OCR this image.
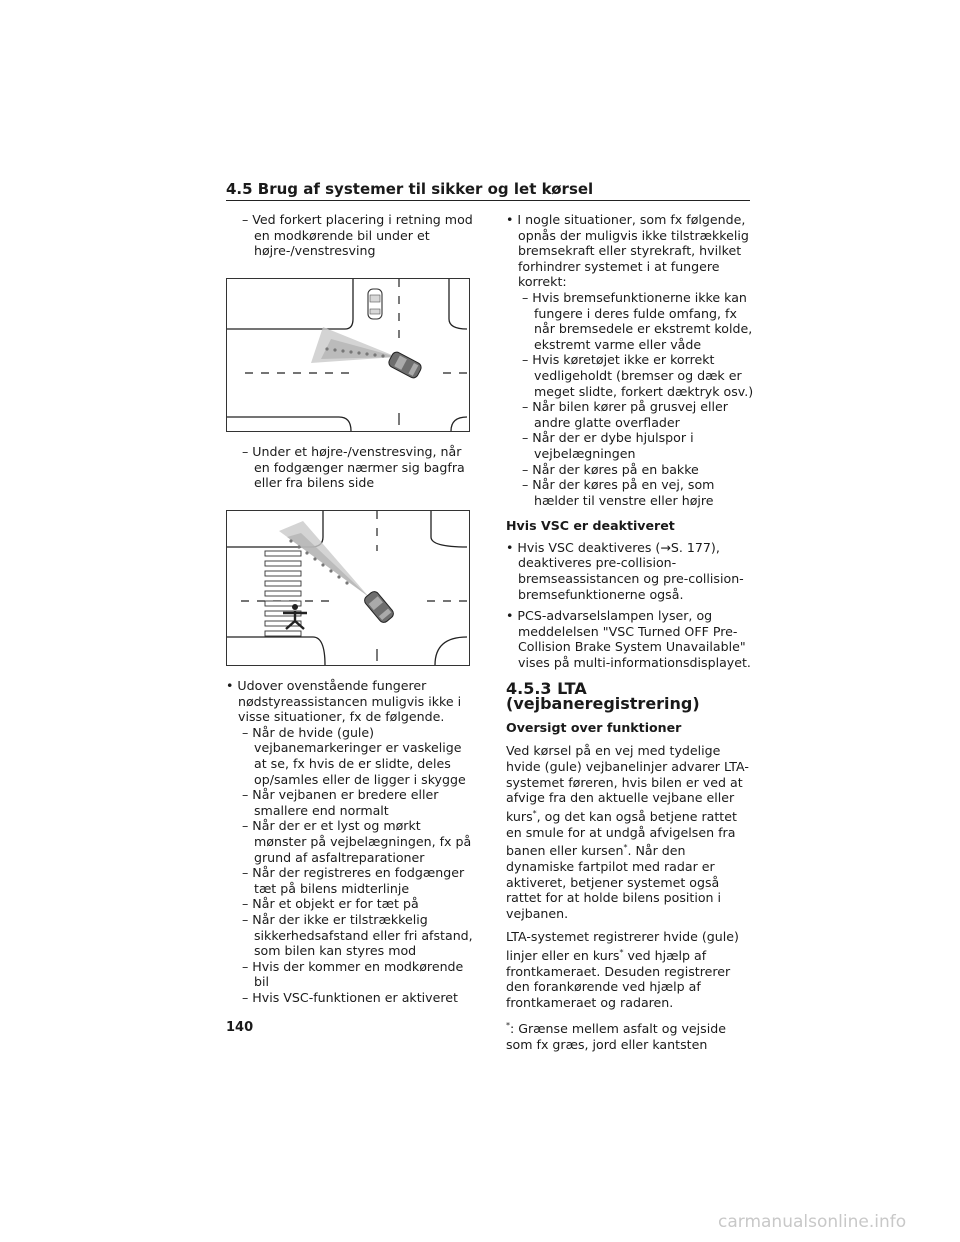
4.5 Brug af systemer til sikker og let kørsel

– Ved forkert placering i retning mod en modkørende bil under et højre-/venstresving

– Under et højre-/venstresving, når en fodgænger nærmer sig bagfra eller fra bilens side

• Udover ovenstående fungerer nødstyreassistancen muligvis ikke i visse situationer, fx de følgende.

– Når de hvide (gule) vejbanemarkeringer er vaskelige at se, fx hvis de er slidte, deles op/samles eller de ligger i skygge

– Når vejbanen er bredere eller smallere end normalt

– Når der er et lyst og mørkt mønster på vejbelægningen, fx på grund af asfaltreparationer

– Når der registreres en fodgænger tæt på bilens midterlinje

– Når et objekt er for tæt på

– Når der ikke er tilstrækkelig sikkerhedsafstand eller fri afstand, som bilen kan styres mod

– Hvis der kommer en modkørende bil

– Hvis VSC-funktionen er aktiveret

• I nogle situationer, som fx følgende, opnås der muligvis ikke tilstrækkelig bremsekraft eller styrekraft, hvilket forhindrer systemet i at fungere korrekt:

– Hvis bremsefunktionerne ikke kan fungere i deres fulde omfang, fx når bremsedele er ekstremt kolde, ekstremt varme eller våde

– Hvis køretøjet ikke er korrekt vedligeholdt (bremser og dæk er meget slidte, forkert dæktryk osv.)

– Når bilen kører på grusvej eller andre glatte overflader

– Når der er dybe hjulspor i vejbelægningen

– Når der køres på en bakke

– Når der køres på en vej, som hælder til venstre eller højre

Hvis VSC er deaktiveret

• Hvis VSC deaktiveres (→S. 177), deaktiveres pre-collision-bremseassistancen og pre-collision-bremsefunktionerne også.

• PCS-advarselslampen lyser, og meddelelsen "VSC Turned OFF Pre-Collision Brake System Unavailable" vises på multi-informationsdisplayet.

4.5.3 LTA (vejbaneregistrering)

Oversigt over funktioner

Ved kørsel på en vej med tydelige hvide (gule) vejbanelinjer advarer LTA-systemet føreren, hvis bilen er ved at afvige fra den aktuelle vejbane eller kurs*, og det kan også betjene rattet en smule for at undgå afvigelsen fra banen eller kursen*. Når den dynamiske fartpilot med radar er aktiveret, betjener systemet også rattet for at holde bilens position i vejbanen.

LTA-systemet registrerer hvide (gule) linjer eller en kurs* ved hjælp af frontkameraet. Desuden registrerer den forankørende ved hjælp af frontkameraet og radaren.

*: Grænse mellem asfalt og vejside som fx græs, jord eller kantsten

140
carmanualsonline.info
